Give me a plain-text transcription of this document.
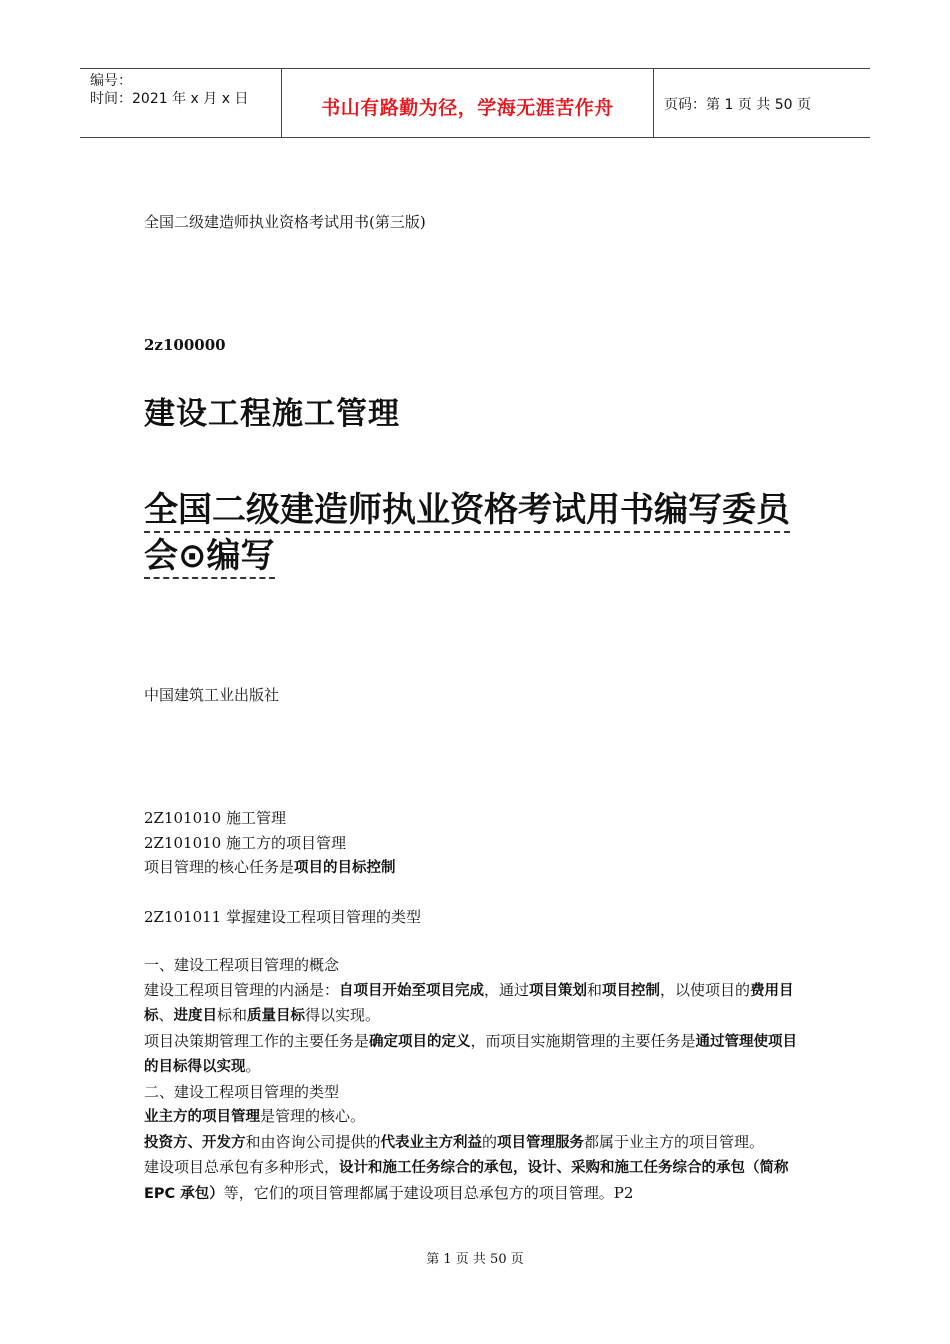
编号：
时间：2021 年 x 月 x 日	书山有路勤为径，学海无涯苦作舟	页码：第 1 页 共 50 页
全国二级建造师执业资格考试用书(第三版)
2z100000
建设工程施工管理
全国二级建造师执业资格考试用书编写委员会⊙编写
中国建筑工业出版社

2Z101010 施工管理

2Z101010 施工方的项目管理

项目管理的核心任务是项目的目标控制

2Z101011 掌握建设工程项目管理的类型

一、建设工程项目管理的概念

建设工程项目管理的内涵是：自项目开始至项目完成，通过项目策划和项目控制，以使项目的费用目标、进度目标和质量目标得以实现。

项目决策期管理工作的主要任务是确定项目的定义，而项目实施期管理的主要任务是通过管理使项目的目标得以实现。

二、建设工程项目管理的类型

业主方的项目管理是管理的核心。

投资方、开发方和由咨询公司提供的代表业主方利益的项目管理服务都属于业主方的项目管理。

建设项目总承包有多种形式，设计和施工任务综合的承包，设计、采购和施工任务综合的承包（简称 EPC 承包）等，它们的项目管理都属于建设项目总承包方的项目管理。P2

第 1 页 共 50 页
